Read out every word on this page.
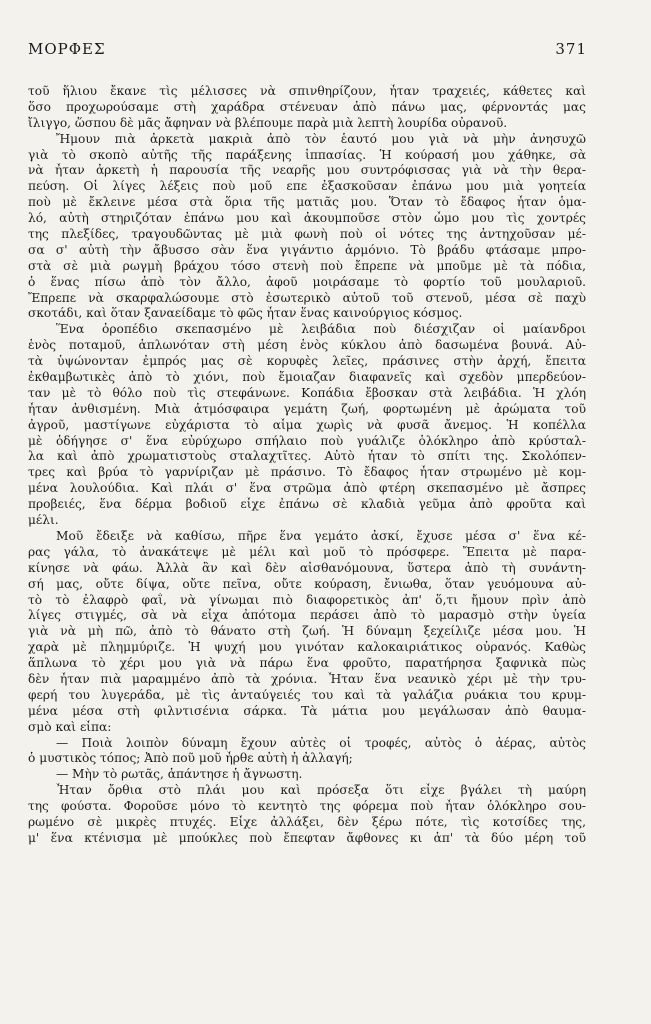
ΜΟΡΦΕΣ	371
τοῦ ἥλιου ἔκανε τὶς μέλισσες νὰ σπινθηρίζουν, ἦταν τραχειές, κάθετες καὶ
ὅσο προχωρούσαμε στὴ χαράδρα στένευαν ἀπὸ πάνω μας, φέρνοντάς μας
ἴλιγγο, ὥσπου δὲ μᾶς ἄφηναν νὰ βλέπουμε παρὰ μιὰ λεπτὴ λουρίδα οὐρανοῦ.
Ἤμουν πιὰ ἀρκετὰ μακριὰ ἀπὸ τὸν ἑαυτό μου γιὰ νὰ μὴν ἀνησυχῶ
γιὰ τὸ σκοπὸ αὐτῆς τῆς παράξενης ἱππασίας. Ἡ κούρασή μου χάθηκε, σὰ
νὰ ἦταν ἀρκετὴ ἡ παρουσία τῆς νεαρῆς μου συντρόφισσας γιὰ νὰ τὴν θερα-
πεύση. Οἱ λίγες λέξεις ποὺ μοῦ επε ἐξασκοῦσαν ἐπάνω μου μιὰ γοητεία
ποὺ μὲ ἔκλεινε μέσα στὰ ὅρια τῆς ματιᾶς μου. Ὅταν τὸ ἔδαφος ἦταν ὁμα-
λό, αὐτὴ στηριζόταν ἐπάνω μου καὶ ἀκουμποῦσε στὸν ὦμο μου τὶς χοντρές
της πλεξίδες, τραγουδῶντας μὲ μιὰ φωνὴ ποὺ οἱ νότες της ἀντηχοῦσαν μέ-
σα σ' αὐτὴ τὴν ἄβυσσο σὰν ἕνα γιγάντιο ἁρμόνιο. Τὸ βράδυ φτάσαμε μπρο-
στὰ σὲ μιὰ ρωγμὴ βράχου τόσο στενὴ ποὺ ἔπρεπε νὰ μποῦμε μὲ τὰ πόδια,
ὁ ἕνας πίσω ἀπὸ τὸν ἄλλο, ἀφοῦ μοιράσαμε τὸ φορτίο τοῦ μουλαριοῦ.
Ἔπρεπε νὰ σκαρφαλώσουμε στὸ ἐσωτερικὸ αὐτοῦ τοῦ στενοῦ, μέσα σὲ παχὺ
σκοτάδι, καὶ ὅταν ξαναείδαμε τὸ φῶς ἦταν ἕνας καινούργιος κόσμος.
Ἕνα ὀροπέδιο σκεπασμένο μὲ λειβάδια ποὺ διέσχιζαν οἱ μαίανδροι
ἑνὸς ποταμοῦ, ἁπλωνόταν στὴ μέση ἑνὸς κύκλου ἀπὸ δασωμένα βουνά. Αὐ-
τὰ ὑψώνονταν ἐμπρός μας σὲ κορυφὲς λεῖες, πράσινες στὴν ἀρχή, ἔπειτα
ἐκθαμβωτικὲς ἀπὸ τὸ χιόνι, ποὺ ἔμοιαζαν διαφανεῖς καὶ σχεδὸν μπερδεύον-
ταν μὲ τὸ θόλο ποὺ τὶς στεφάνωνε. Κοπάδια ἔβοσκαν στὰ λειβάδια. Ἡ χλόη
ἦταν ἀνθισμένη. Μιὰ ἀτμόσφαιρα γεμάτη ζωή, φορτωμένη μὲ ἀρώματα τοῦ
ἀγροῦ, μαστίγωνε εὐχάριστα τὸ αἷμα χωρὶς νὰ φυσᾶ ἄνεμος. Ἡ κοπέλλα
μὲ ὁδήγησε σ' ἕνα εὐρύχωρο σπήλαιο ποὺ γυάλιζε ὁλόκληρο ἀπὸ κρύσταλ-
λα καὶ ἀπὸ χρωματιστοὺς σταλαχτῖτες. Αὐτὸ ἦταν τὸ σπίτι της. Σκολόπεν-
τρες καὶ βρύα τὸ γαρνίριζαν μὲ πράσινο. Τὸ ἔδαφος ἦταν στρωμένο μὲ κομ-
μένα λουλούδια. Καὶ πλάι σ' ἕνα στρῶμα ἀπὸ φτέρη σκεπασμένο μὲ ἄσπρες
προβειές, ἕνα δέρμα βοδιοῦ εἶχε ἐπάνω σὲ κλαδιὰ γεῦμα ἀπὸ φροῦτα καὶ
μέλι.
Μοῦ ἔδειξε νὰ καθίσω, πῆρε ἕνα γεμάτο ἀσκί, ἔχυσε μέσα σ' ἕνα κέ-
ρας γάλα, τὸ ἀνακάτεψε μὲ μέλι καὶ μοῦ τὸ πρόσφερε. Ἔπειτα μὲ παρα-
κίνησε νὰ φάω. Ἀλλὰ ἂν καὶ δὲν αἰσθανόμουνα, ὕστερα ἀπὸ τὴ συνάντη-
σή μας, οὔτε δίψα, οὔτε πεῖνα, οὔτε κούραση, ἔνιωθα, ὅταν γευόμουνα αὐ-
τὸ τὸ ἐλαφρὸ φαΐ, νὰ γίνωμαι πιὸ διαφορετικὸς ἀπ' ὅ,τι ἤμουν πρὶν ἀπὸ
λίγες στιγμές, σὰ νὰ εἶχα ἀπότομα περάσει ἀπὸ τὸ μαρασμὸ στὴν ὑγεία
γιὰ νὰ μὴ πῶ, ἀπὸ τὸ θάνατο στὴ ζωή. Ἡ δύναμη ξεχείλιζε μέσα μου. Ἡ
χαρὰ μὲ πλημμύριζε. Ἡ ψυχή μου γινόταν καλοκαιριάτικος οὐρανός. Καθὼς
ἅπλωνα τὸ χέρι μου γιὰ νὰ πάρω ἕνα φροῦτο, παρατήρησα ξαφνικὰ πὼς
δὲν ἦταν πιὰ μαραμμένο ἀπὸ τὰ χρόνια. Ἦταν ἕνα νεανικὸ χέρι μὲ τὴν τρυ-
φερή του λυγεράδα, μὲ τὶς ἀνταύγειές του καὶ τὰ γαλάζια ρυάκια του κρυμ-
μένα μέσα στὴ φιλντισένια σάρκα. Τὰ μάτια μου μεγάλωσαν ἀπὸ θαυμα-
σμὸ καὶ εἶπα:
— Ποιὰ λοιπὸν δύναμη ἔχουν αὐτὲς οἱ τροφές, αὐτὸς ὁ ἀέρας, αὐτὸς
ὁ μυστικὸς τόπος; Ἀπὸ ποῦ μοῦ ἦρθε αὐτὴ ἡ ἀλλαγή;
— Μὴν τὸ ρωτᾶς, ἀπάντησε ἡ ἄγνωστη.
Ἦταν ὄρθια στὸ πλάι μου καὶ πρόσεξα ὅτι εἶχε βγάλει τὴ μαύρη
της φούστα. Φοροῦσε μόνο τὸ κεντητὸ της φόρεμα ποὺ ἦταν ὁλόκληρο σου-
ρωμένο σὲ μικρὲς πτυχές. Εἶχε ἀλλάξει, δὲν ξέρω πότε, τὶς κοτσίδες της,
μ' ἕνα κτένισμα μὲ μπούκλες ποὺ ἔπεφταν ἄφθονες κι ἀπ' τὰ δύο μέρη τοῦ
